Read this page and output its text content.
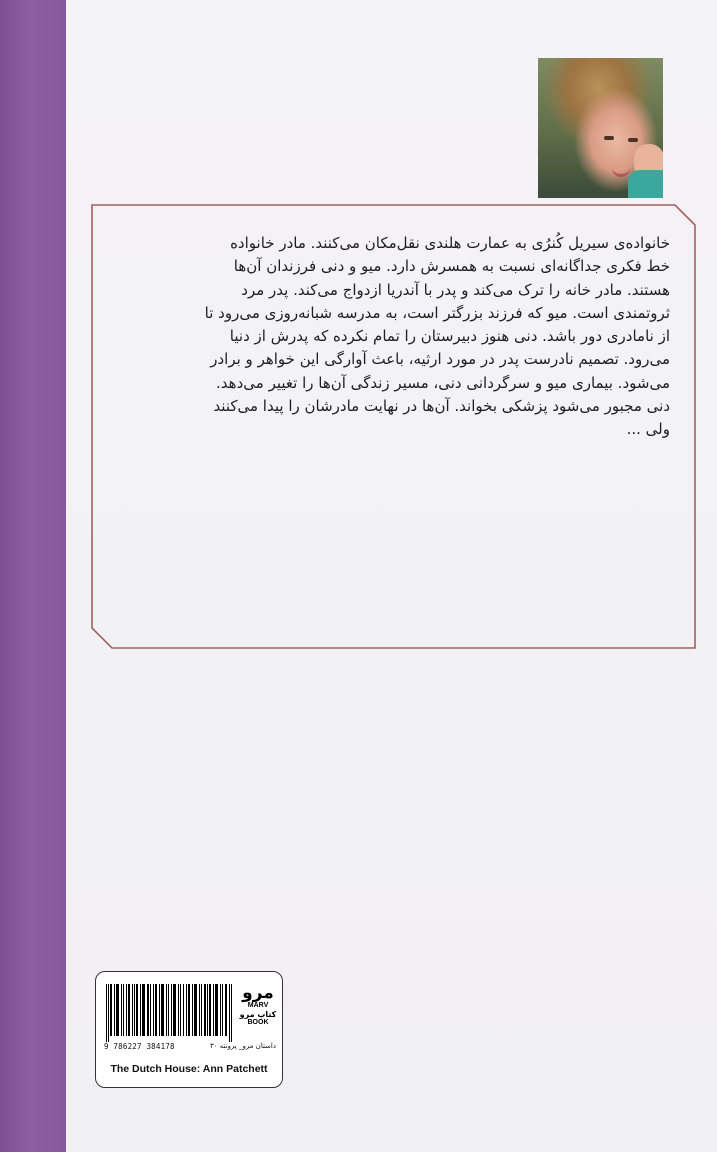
خانواده‌ی سیریل کُنرُی به عمارت هلندی نقل‌مکان می‌کنند. مادر خانواده

خط فکری جداگانه‌ای نسبت به همسرش دارد. میو و دنی فرزندان آن‌ها

هستند. مادر خانه را ترک می‌کند و پدر با آندریا ازدواج می‌کند. پدر مرد

ثروتمندی است. میو که فرزند بزرگتر است، به مدرسه شبانه‌روزی می‌رود تا

از نامادری دور باشد. دنی هنوز دبیرستان را تمام نکرده که پدرش از دنیا

می‌رود. تصمیم نادرست پدر در مورد ارثیه، باعث آوارگی این خواهر و برادر

می‌شود. بیماری میو و سرگردانی دنی، مسیر زندگی آن‌ها را تغییر می‌دهد.

دنی مجبور می‌شود پزشکی بخواند. آن‌ها در نهایت مادرشان را پیدا می‌کنند

ولی ...

9 786227 384178	داستان مرو_ پرونته ۳۰
مرو
MARV
کتاب مرو
BOOK
The Dutch House: Ann Patchett
